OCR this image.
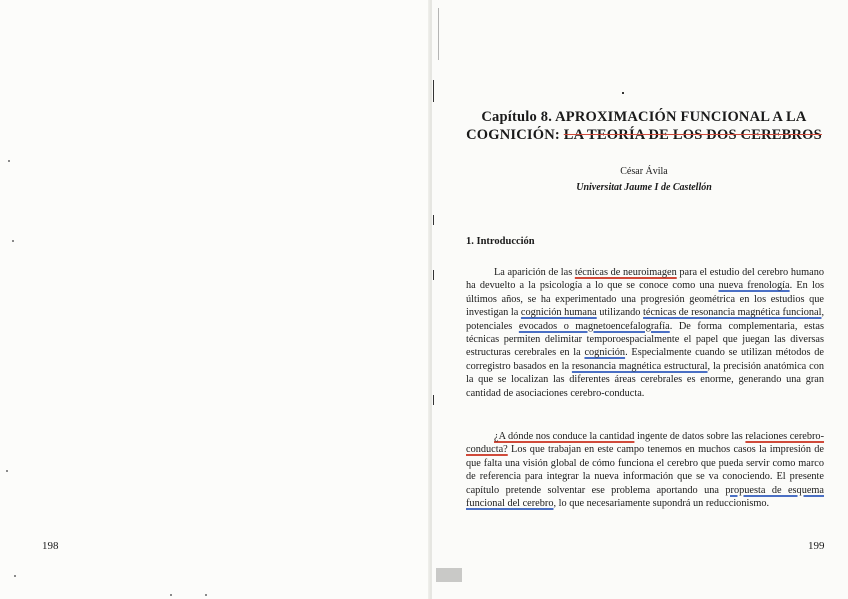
198
Capítulo 8. APROXIMACIÓN FUNCIONAL A LA
COGNICIÓN: LA TEORÍA DE LOS DOS CEREBROS
César Ávila
Universitat Jaume I de Castellón
1. Introducción
La aparición de las técnicas de neuroimagen para el estudio del cerebro humano ha devuelto a la psicología a lo que se conoce como una nueva frenología. En los últimos años, se ha experimentado una progresión geométrica en los estudios que investigan la cognición humana utilizando técnicas de resonancia magnética funcional, potenciales evocados o magnetoencefalografía. De forma complementaria, estas técnicas permiten delimitar temporoespacialmente el papel que juegan las diversas estructuras cerebrales en la cognición. Especialmente cuando se utilizan métodos de corregistro basados en la resonancia magnética estructural, la precisión anatómica con la que se localizan las diferentes áreas cerebrales es enorme, generando una gran cantidad de asociaciones cerebro-conducta.
¿A dónde nos conduce la cantidad ingente de datos sobre las relaciones cerebro-conducta? Los que trabajan en este campo tenemos en muchos casos la impresión de que falta una visión global de cómo funciona el cerebro que pueda servir como marco de referencia para integrar la nueva información que se va conociendo. El presente capítulo pretende solventar ese problema aportando una propuesta de esquema funcional del cerebro, lo que necesariamente supondrá un reduccionismo.
199
